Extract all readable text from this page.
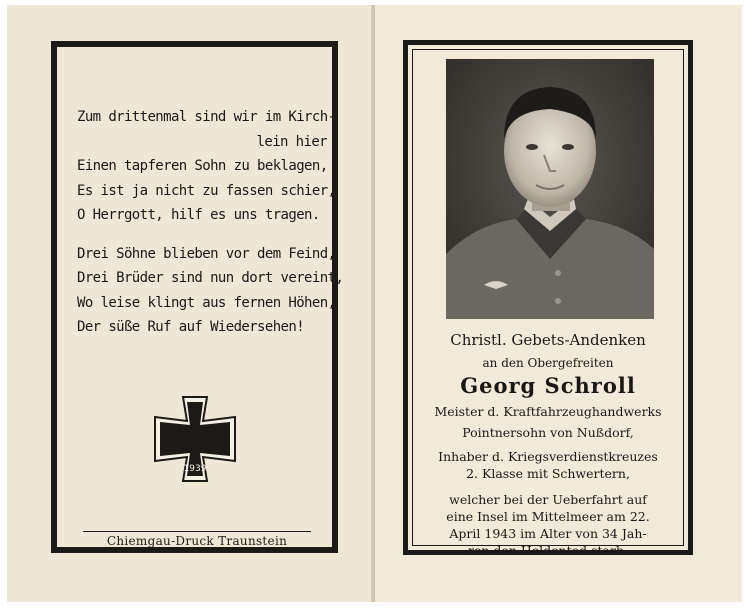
Zum drittenmal sind wir im Kirch-
lein hier
Einen tapferen Sohn zu beklagen,
Es ist ja nicht zu fassen schier,
O Herrgott, hilf es uns tragen.
Drei Söhne blieben vor dem Feind,
Drei Brüder sind nun dort vereint,
Wo leise klingt aus fernen Höhen,
Der süße Ruf auf Wiedersehen!
1939
Chiemgau-Druck Traunstein
Christl. Gebets-Andenken
an den Obergefreiten
Georg Schroll
Meister d. Kraftfahrzeughandwerks
Pointnersohn von Nußdorf,
Inhaber d. Kriegsverdienstkreuzes
2. Klasse mit Schwertern,
welcher bei der Ueberfahrt auf
eine Insel im Mittelmeer am 22.
April 1943 im Alter von 34 Jah-
ren den Heldentod starb.
